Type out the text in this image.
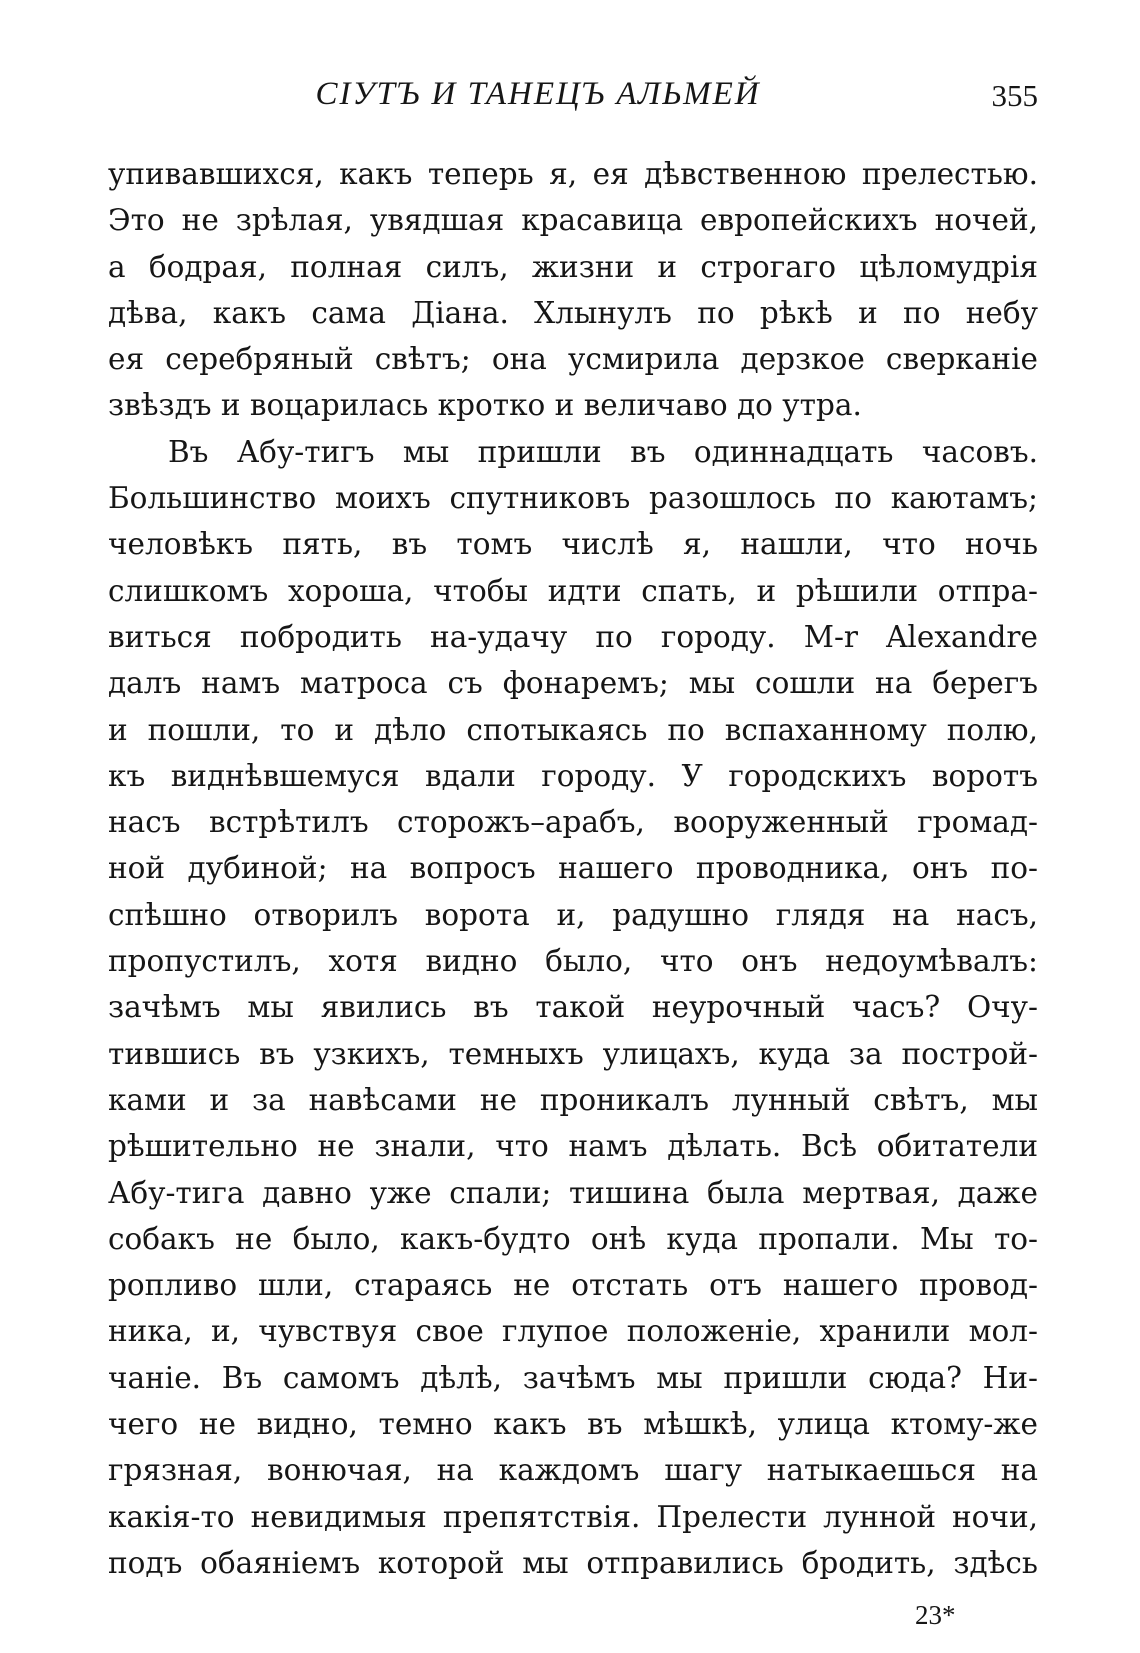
СІУТЪ И ТАНЕЦЪ АЛЬМЕЙ	355
упивавшихся, какъ теперь я, ея дѣвственною прелестью.
Это не зрѣлая, увядшая красавица европейскихъ ночей,
а бодрая, полная силъ, жизни и строгаго цѣломудрія
дѣва, какъ сама Діана. Хлынулъ по рѣкѣ и по небу
ея серебряный свѣтъ; она усмирила дерзкое сверканіе
звѣздъ и воцарилась кротко и величаво до утра.
Въ Абу-тигъ мы пришли въ одиннадцать часовъ.
Большинство моихъ спутниковъ разошлось по каютамъ;
человѣкъ пять, въ томъ числѣ я, нашли, что ночь
слишкомъ хороша, чтобы идти спать, и рѣшили отпра-
виться побродить на-удачу по городу. M-r Alexandre
далъ намъ матроса съ фонаремъ; мы сошли на берегъ
и пошли, то и дѣло спотыкаясь по вспаханному полю,
къ виднѣвшемуся вдали городу. У городскихъ воротъ
насъ встрѣтилъ сторожъ–арабъ, вооруженный громад-
ной дубиной; на вопросъ нашего проводника, онъ по-
спѣшно отворилъ ворота и, радушно глядя на насъ,
пропустилъ, хотя видно было, что онъ недоумѣвалъ:
зачѣмъ мы явились въ такой неурочный часъ? Очу-
тившись въ узкихъ, темныхъ улицахъ, куда за построй-
ками и за навѣсами не проникалъ лунный свѣтъ, мы
рѣшительно не знали, что намъ дѣлать. Всѣ обитатели
Абу-тига давно уже спали; тишина была мертвая, даже
собакъ не было, какъ-будто онѣ куда пропали. Мы то-
ропливо шли, стараясь не отстать отъ нашего провод-
ника, и, чувствуя свое глупое положеніе, хранили мол-
чаніе. Въ самомъ дѣлѣ, зачѣмъ мы пришли сюда? Ни-
чего не видно, темно какъ въ мѣшкѣ, улица ктому-же
грязная, вонючая, на каждомъ шагу натыкаешься на
какія-то невидимыя препятствія. Прелести лунной ночи,
подъ обаяніемъ которой мы отправились бродить, здѣсь
23*
